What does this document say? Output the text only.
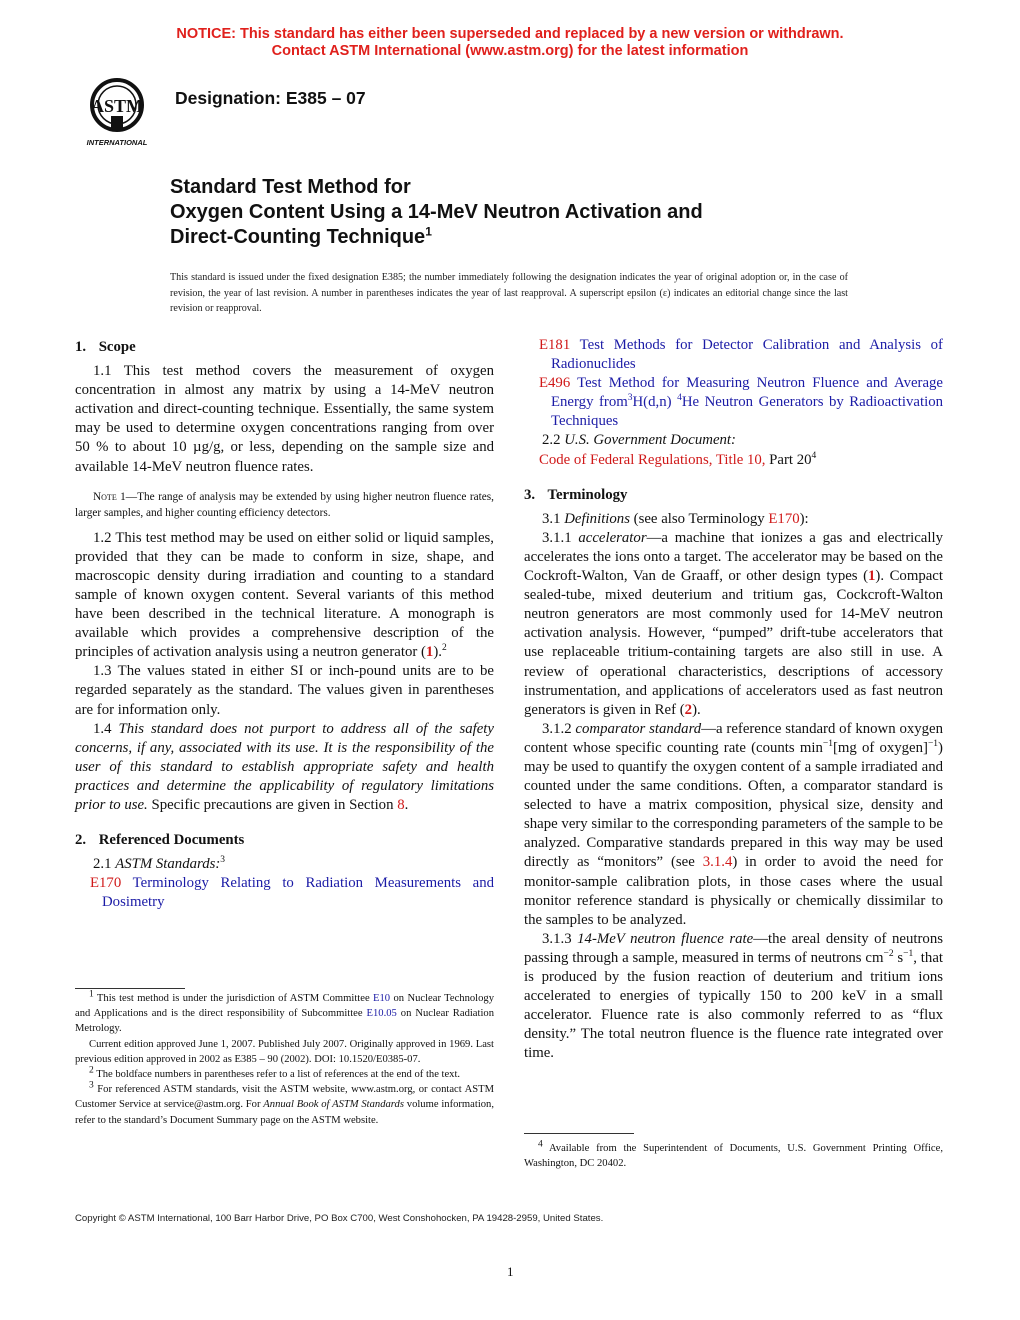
NOTICE: This standard has either been superseded and replaced by a new version or withdrawn.
Contact ASTM International (www.astm.org) for the latest information
ASTM
INTERNATIONAL
Designation: E385 – 07
Standard Test Method for
Oxygen Content Using a 14-MeV Neutron Activation and
Direct-Counting Technique$^1$
This standard is issued under the fixed designation E385; the number immediately following the designation indicates the year of original adoption or, in the case of revision, the year of last revision. A number in parentheses indicates the year of last reapproval. A superscript epsilon (ε) indicates an editorial change since the last revision or reapproval.
1. Scope

1.1 This test method covers the measurement of oxygen concentration in almost any matrix by using a 14-MeV neutron activation and direct-counting technique. Essentially, the same system may be used to determine oxygen concentrations ranging from over 50 % to about 10 µg/g, or less, depending on the sample size and available 14-MeV neutron fluence rates.

Note 1—The range of analysis may be extended by using higher neutron fluence rates, larger samples, and higher counting efficiency detectors.

1.2 This test method may be used on either solid or liquid samples, provided that they can be made to conform in size, shape, and macroscopic density during irradiation and counting to a standard sample of known oxygen content. Several variants of this method have been described in the technical literature. A monograph is available which provides a comprehensive description of the principles of activation analysis using a neutron generator (1).$^2$

1.3 The values stated in either SI or inch-pound units are to be regarded separately as the standard. The values given in parentheses are for information only.

1.4 This standard does not purport to address all of the safety concerns, if any, associated with its use. It is the responsibility of the user of this standard to establish appropriate safety and health practices and determine the applicability of regulatory limitations prior to use. Specific precautions are given in Section 8.

2. Referenced Documents

2.1 ASTM Standards:$^3$

E170 Terminology Relating to Radiation Measurements and Dosimetry

$^1$ This test method is under the jurisdiction of ASTM Committee E10 on Nuclear Technology and Applications and is the direct responsibility of Subcommittee E10.05 on Nuclear Radiation Metrology.

Current edition approved June 1, 2007. Published July 2007. Originally approved in 1969. Last previous edition approved in 2002 as E385 – 90 (2002). DOI: 10.1520/E0385-07.

$^2$ The boldface numbers in parentheses refer to a list of references at the end of the text.

$^3$ For referenced ASTM standards, visit the ASTM website, www.astm.org, or contact ASTM Customer Service at service@astm.org. For Annual Book of ASTM Standards volume information, refer to the standard’s Document Summary page on the ASTM website.

E181 Test Methods for Detector Calibration and Analysis of Radionuclides
E496 Test Method for Measuring Neutron Fluence and Average Energy from$^3$H(d,n) $^4$He Neutron Generators by Radioactivation Techniques

2.2 U.S. Government Document:

Code of Federal Regulations, Title 10, Part $20^4$
3. Terminology

3.1 Definitions (see also Terminology E170):

3.1.1 accelerator—a machine that ionizes a gas and electrically accelerates the ions onto a target. The accelerator may be based on the Cockroft-Walton, Van de Graaff, or other design types (1). Compact sealed-tube, mixed deuterium and tritium gas, Cockcroft-Walton neutron generators are most commonly used for 14-MeV neutron activation analysis. However, “pumped” drift-tube accelerators that use replaceable tritium-containing targets are also still in use. A review of operational characteristics, descriptions of accessory instrumentation, and applications of accelerators used as fast neutron generators is given in Ref (2).

3.1.2 comparator standard—a reference standard of known oxygen content whose specific counting rate (counts $\min^{-1}[mg$ of oxygen]$^{-1}$) may be used to quantify the oxygen content of a sample irradiated and counted under the same conditions. Often, a comparator standard is selected to have a matrix composition, physical size, density and shape very similar to the corresponding parameters of the sample to be analyzed. Comparative standards prepared in this way may be used directly as “monitors” (see 3.1.4) in order to avoid the need for monitor-sample calibration plots, in those cases where the usual monitor reference standard is physically or chemically dissimilar to the samples to be analyzed.

3.1.3 14-MeV neutron fluence rate—the areal density of neutrons passing through a sample, measured in terms of neutrons $cm^{-2}$ $s^{-1}$, that is produced by the fusion reaction of deuterium and tritium ions accelerated to energies of typically 150 to 200 keV in a small accelerator. Fluence rate is also commonly referred to as “flux density.” The total neutron fluence is the fluence rate integrated over time.

$^4$ Available from the Superintendent of Documents, U.S. Government Printing Office, Washington, DC 20402.

Copyright © ASTM International, 100 Barr Harbor Drive, PO Box C700, West Conshohocken, PA 19428-2959, United States.
1
